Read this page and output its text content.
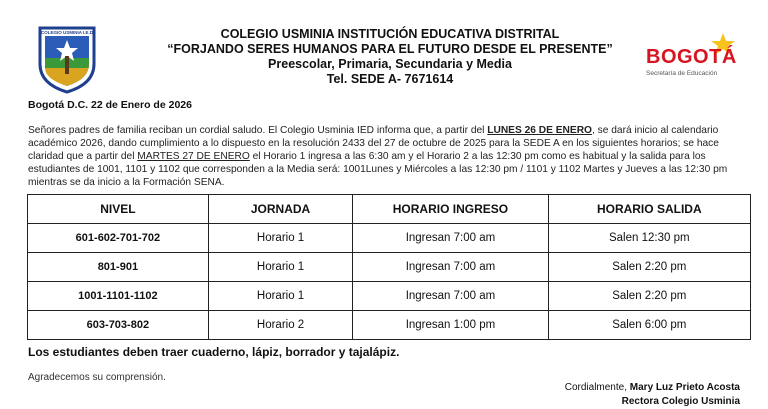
COLEGIO USMINIA I.E.D	COLEGIO USMINIA INSTITUCIÓN EDUCATIVA DISTRITAL
“FORJANDO SERES HUMANOS PARA EL FUTURO DESDE EL PRESENTE”
Preescolar, Primaria, Secundaria y Media
Tel. SEDE A- 7671614
BOGOTÁ
Secretaría de Educación
Bogotá D.C. 22 de Enero de 2026
Señores padres de familia reciban un cordial saludo. El Colegio Usminia IED informa que, a partir del LUNES 26 DE ENERO, se dará inicio al calendario académico 2026, dando cumplimiento a lo dispuesto en la resolución 2433 del 27 de octubre de 2025 para la SEDE A en los siguientes horarios; se hace claridad que a partir del MARTES 27 DE ENERO el Horario 1 ingresa a las 6:30 am y el Horario 2 a las 12:30 pm como es habitual y la salida para los estudiantes de 1001, 1101 y 1102 que corresponden a la Media será: 1001Lunes y Miércoles a las 12:30 pm / 1101 y 1102 Martes y Jueves a las 12:30 pm mientras se da inicio a la Formación SENA.
NIVEL	JORNADA	HORARIO INGRESO	HORARIO SALIDA
601-602-701-702	Horario 1	Ingresan 7:00 am	Salen 12:30 pm
801-901	Horario 1	Ingresan 7:00 am	Salen 2:20 pm
1001-1101-1102	Horario 1	Ingresan 7:00 am	Salen 2:20 pm
603-703-802	Horario 2	Ingresan 1:00 pm	Salen 6:00 pm
Los estudiantes deben traer cuaderno, lápiz, borrador y tajalápiz.
Agradecemos su comprensión.
Cordialmente, Mary Luz Prieto Acosta
Rectora Colegio Usminia
